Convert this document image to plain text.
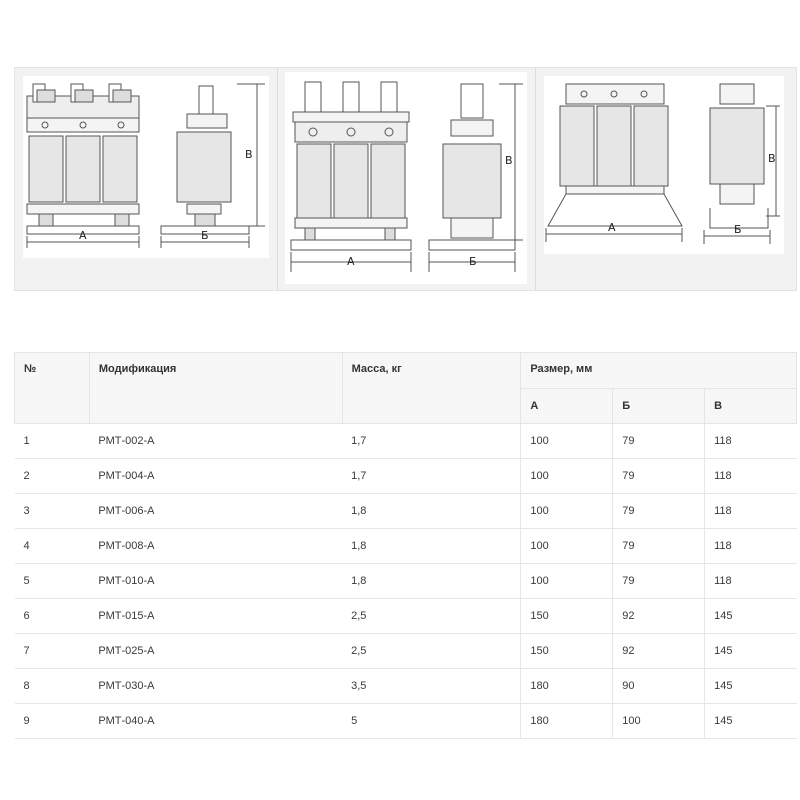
А	Б
В
А	Б
В
А	Б
В
№	Модификация	Масса, кг	Размер, мм		
			А	Б	В
1	РМТ-002-А	1,7	100	79	118
2	РМТ-004-А	1,7	100	79	118
3	РМТ-006-А	1,8	100	79	118
4	РМТ-008-А	1,8	100	79	118
5	РМТ-010-А	1,8	100	79	118
6	РМТ-015-А	2,5	150	92	145
7	РМТ-025-А	2,5	150	92	145
8	РМТ-030-А	3,5	180	90	145
9	РМТ-040-А	5	180	100	145
